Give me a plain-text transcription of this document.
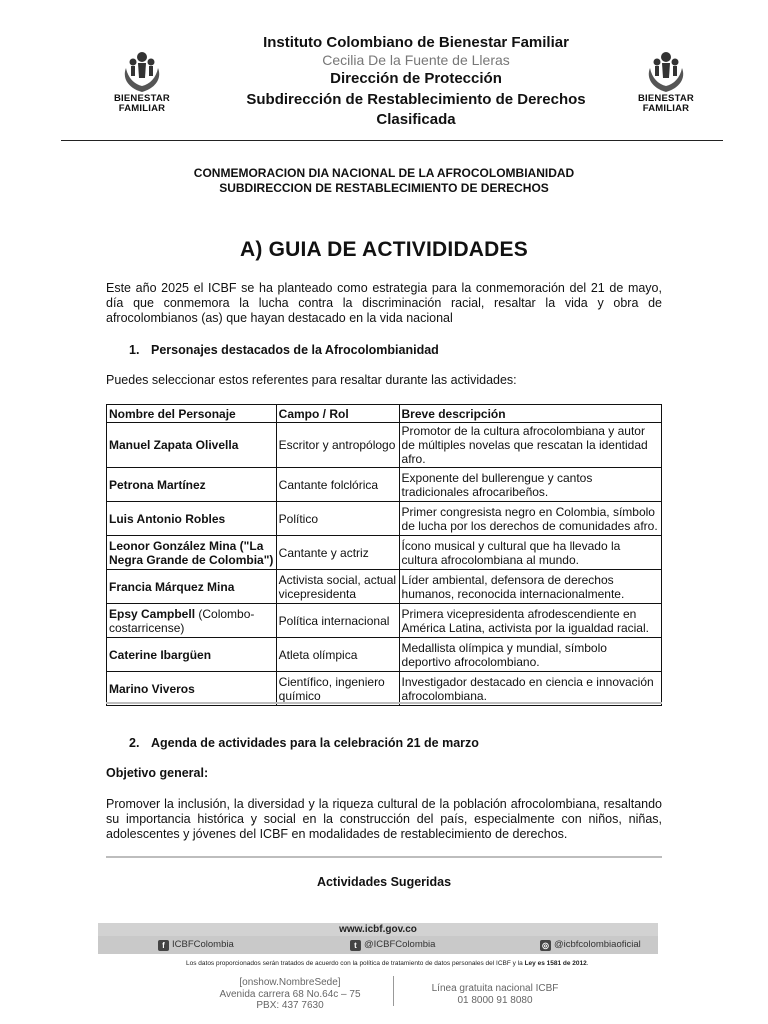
BIENESTAR
FAMILIAR
BIENESTAR
FAMILIAR
Instituto Colombiano de Bienestar Familiar
Cecilia De la Fuente de Lleras
Dirección de Protección
Subdirección de Restablecimiento de Derechos
Clasificada
CONMEMORACION DIA NACIONAL DE LA AFROCOLOMBIANIDAD
SUBDIRECCION DE RESTABLECIMIENTO DE DERECHOS
A) GUIA DE ACTIVIDIDADES
Este año 2025 el ICBF se ha planteado como estrategia para la conmemoración del 21 de mayo, día que conmemora la lucha contra la discriminación racial, resaltar la vida y obra de afrocolombianos (as) que hayan destacado en la vida nacional
1. Personajes destacados de la Afrocolombianidad
Puedes seleccionar estos referentes para resaltar durante las actividades:
Nombre del Personaje	Campo / Rol	Breve descripción
Manuel Zapata Olivella	Escritor y antropólogo	Promotor de la cultura afrocolombiana y autor de múltiples novelas que rescatan la identidad afro.
Petrona Martínez	Cantante folclórica	Exponente del bullerengue y cantos tradicionales afrocaribeños.
Luis Antonio Robles	Político	Primer congresista negro en Colombia, símbolo de lucha por los derechos de comunidades afro.
Leonor González Mina ("La Negra Grande de Colombia")	Cantante y actriz	Ícono musical y cultural que ha llevado la cultura afrocolombiana al mundo.
Francia Márquez Mina	Activista social, actual vicepresidenta	Líder ambiental, defensora de derechos humanos, reconocida internacionalmente.
Epsy Campbell (Colombo-costarricense)	Política internacional	Primera vicepresidenta afrodescendiente en América Latina, activista por la igualdad racial.
Caterine Ibargüen	Atleta olímpica	Medallista olímpica y mundial, símbolo deportivo afrocolombiano.
Marino Viveros	Científico, ingeniero químico	Investigador destacado en ciencia e innovación afrocolombiana.
2. Agenda de actividades para la celebración 21 de marzo
Objetivo general:
Promover la inclusión, la diversidad y la riqueza cultural de la población afrocolombiana, resaltando su importancia histórica y social en la construcción del país, especialmente con niños, niñas, adolescentes y jóvenes del ICBF en modalidades de restablecimiento de derechos.
Actividades Sugeridas
www.icbf.gov.co
f ICBFColombia	t @ICBFColombia	◎ @icbfcolombiaoficial
Los datos proporcionados serán tratados de acuerdo con la política de tratamiento de datos personales del ICBF y la Ley es 1581 de 2012.
[onshow.NombreSede]
Avenida carrera 68 No.64c – 75
PBX: 437 7630
Línea gratuita nacional ICBF
01 8000 91 8080
